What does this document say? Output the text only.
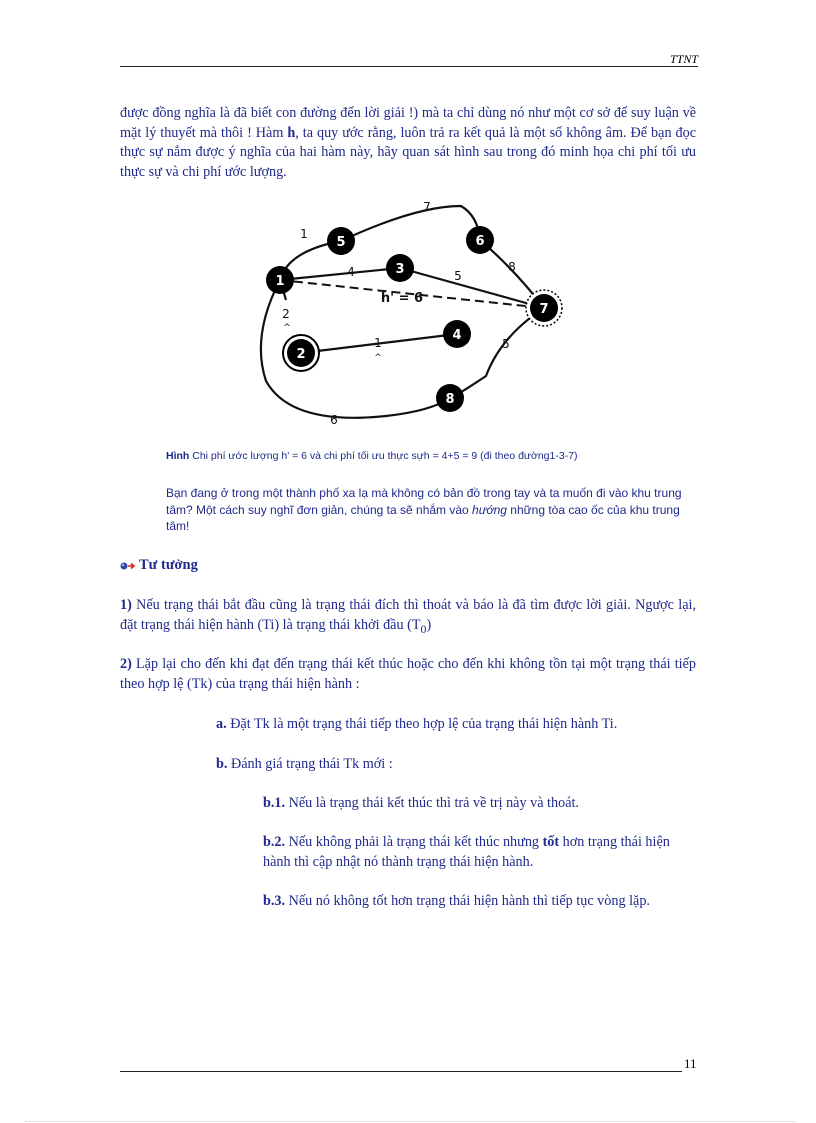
TTNT
được đồng nghĩa là đã biết con đường đến lời giải !) mà ta chỉ dùng nó như một cơ sở để suy luận về mặt lý thuyết mà thôi ! Hàm h, ta quy ước rằng, luôn trả ra kết quả là một số không âm. Để bạn đọc thực sự nắm được ý nghĩa của hai hàm này, hãy quan sát hình sau trong đó minh họa chi phí tối ưu thực sự và chi phí ước lượng.
1
7
8
4	5
2
1	5
6
h' = 6
^
^
1
2
3
4
5	6
7
8
Hình Chi phí ước lượng h' = 6 và chi phí tối ưu thực sựh = 4+5 = 9 (đi theo đường1-3-7)
Bạn đang ở trong một thành phố xa lạ mà không có bản đồ trong tay và ta muốn đi vào khu trung tâm? Một cách suy nghĩ đơn giản, chúng ta sẽ nhắm vào hướng những tòa cao ốc của khu trung tâm!
Tư tưởng
1) Nếu trạng thái bắt đầu cũng là trạng thái đích thì thoát và báo là đã tìm được lời giải. Ngược lại, đặt trạng thái hiện hành (Ti) là trạng thái khởi đầu $(T_0)$
2) Lặp lại cho đến khi đạt đến trạng thái kết thúc hoặc cho đến khi không tồn tại một trạng thái tiếp theo hợp lệ (Tk) của trạng thái hiện hành :
a. Đặt Tk là một trạng thái tiếp theo hợp lệ của trạng thái hiện hành Ti.
b. Đánh giá trạng thái Tk mới :
b.1. Nếu là trạng thái kết thúc thì trả về trị này và thoát.
b.2. Nếu không phải là trạng thái kết thúc nhưng tốt hơn trạng thái hiện hành thì cập nhật nó thành trạng thái hiện hành.
b.3. Nếu nó không tốt hơn trạng thái hiện hành thì tiếp tục vòng lặp.
11
